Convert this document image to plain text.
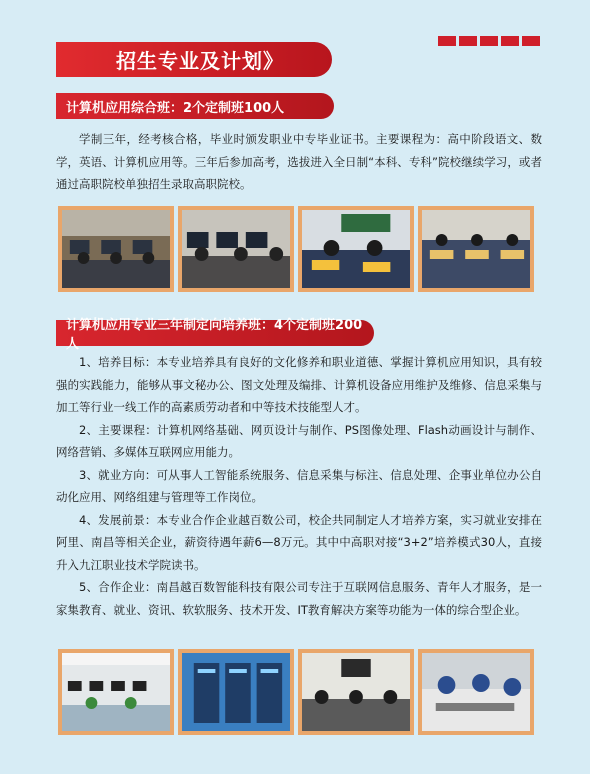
招生专业及计划》
计算机应用综合班：2个定制班100人

学制三年，经考核合格，毕业时颁发职业中专毕业证书。主要课程为：高中阶段语文、数学，英语、计算机应用等。三年后参加高考，选拔进入全日制“本科、专科”院校继续学习，或者通过高职院校单独招生录取高职院校。

计算机应用专业三年制定向培养班：4个定制班200人

1、培养目标：本专业培养具有良好的文化修养和职业道德、掌握计算机应用知识，具有较强的实践能力，能够从事文秘办公、图文处理及编排、计算机设备应用维护及维修、信息采集与加工等行业一线工作的高素质劳动者和中等技术技能型人才。

2、主要课程：计算机网络基础、网页设计与制作、PS图像处理、Flash动画设计与制作、网络营销、多媒体互联网应用能力。

3、就业方向：可从事人工智能系统服务、信息采集与标注、信息处理、企事业单位办公自动化应用、网络组建与管理等工作岗位。

4、发展前景：本专业合作企业越百数公司，校企共同制定人才培养方案，实习就业安排在阿里、南昌等相关企业，薪资待遇年薪6—8万元。其中中高职对接“3+2”培养模式30人，直接升入九江职业技术学院读书。

5、合作企业：南昌越百数智能科技有限公司专注于互联网信息服务、青年人才服务，是一家集教育、就业、资讯、软软服务、技术开发、IT教育解决方案等功能为一体的综合型企业。
